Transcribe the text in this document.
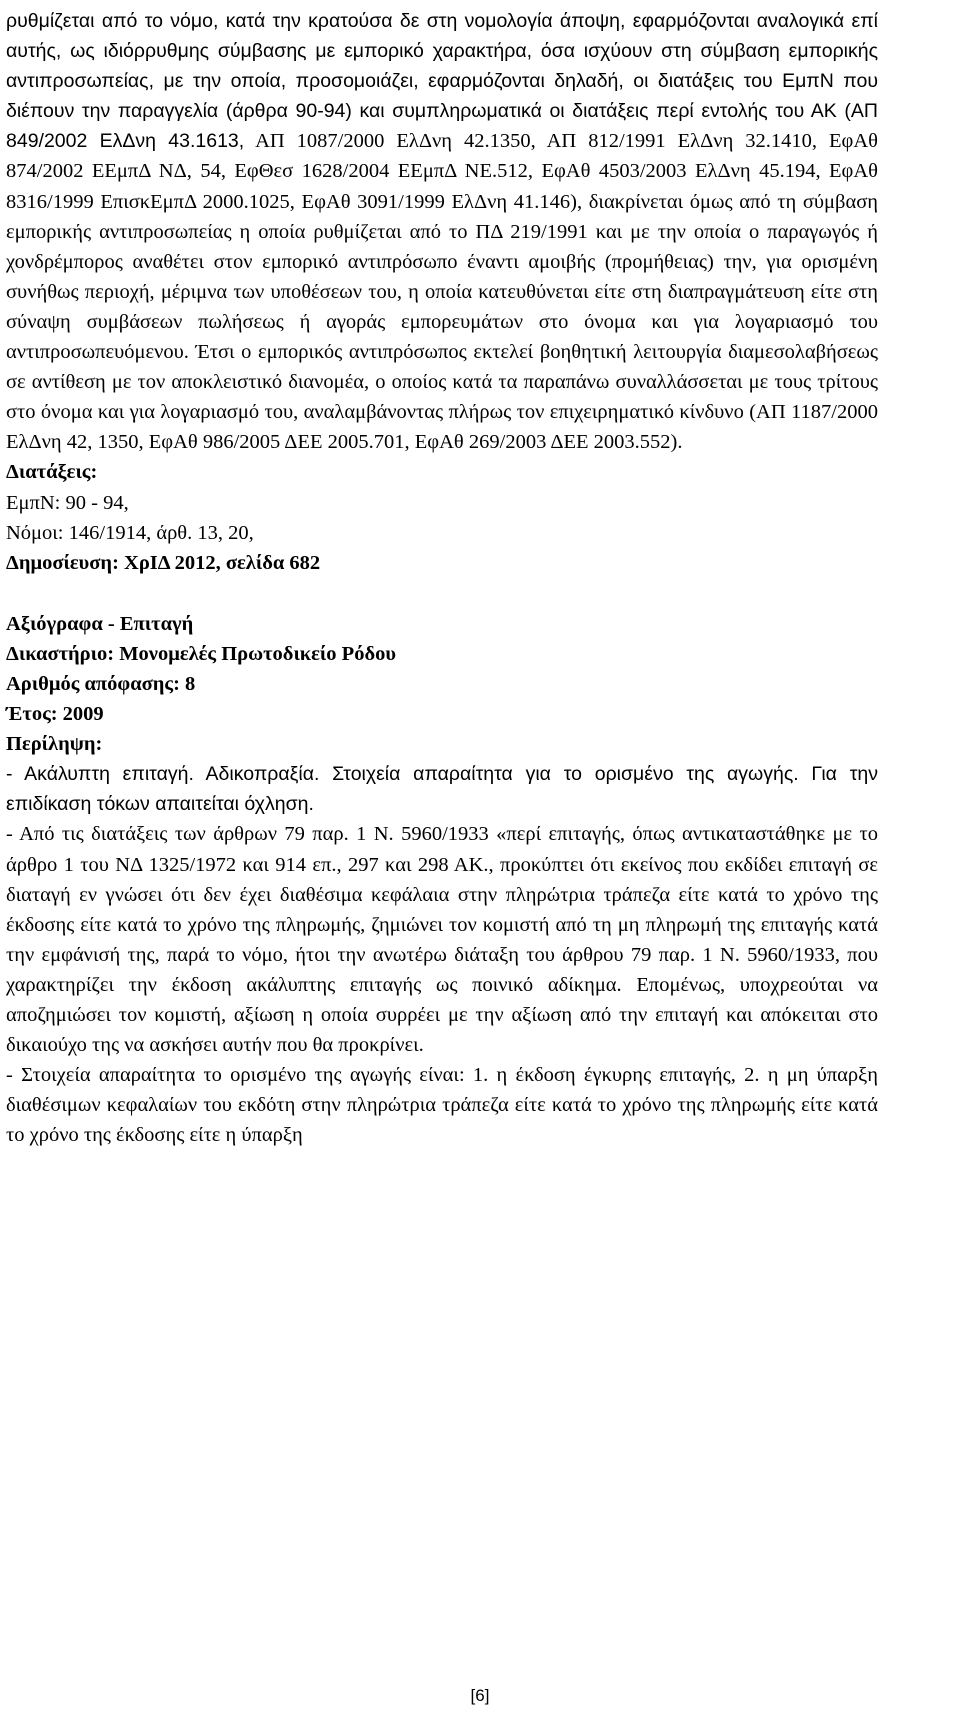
ρυθμίζεται από το νόμο, κατά την κρατούσα δε στη νομολογία άποψη, εφαρμόζονται αναλογικά επί αυτής, ως ιδιόρρυθμης σύμβασης με εμπορικό χαρακτήρα, όσα ισχύουν στη σύμβαση εμπορικής αντιπροσωπείας, με την οποία, προσομοιάζει, εφαρμόζονται δηλαδή, οι διατάξεις του ΕμπΝ που διέπουν την παραγγελία (άρθρα 90-94) και συμπληρωματικά οι διατάξεις περί εντολής του ΑΚ (ΑΠ 849/2002 ΕλΔνη 43.1613, ΑΠ 1087/2000 ΕλΔνη 42.1350, ΑΠ 812/1991 ΕλΔνη 32.1410, ΕφΑθ 874/2002 ΕΕμπΔ ΝΔ, 54, ΕφΘεσ 1628/2004 ΕΕμπΔ ΝΕ.512, ΕφΑθ 4503/2003 ΕλΔνη 45.194, ΕφΑθ 8316/1999 ΕπισκΕμπΔ 2000.1025, ΕφΑθ 3091/1999 ΕλΔνη 41.146), διακρίνεται όμως από τη σύμβαση εμπορικής αντιπροσωπείας η οποία ρυθμίζεται από το ΠΔ 219/1991 και με την οποία ο παραγωγός ή χονδρέμπορος αναθέτει στον εμπορικό αντιπρόσωπο έναντι αμοιβής (προμήθειας) την, για ορισμένη συνήθως περιοχή, μέριμνα των υποθέσεων του, η οποία κατευθύνεται είτε στη διαπραγμάτευση είτε στη σύναψη συμβάσεων πωλήσεως ή αγοράς εμπορευμάτων στο όνομα και για λογαριασμό του αντιπροσωπευόμενου. Έτσι ο εμπορικός αντιπρόσωπος εκτελεί βοηθητική λειτουργία διαμεσολαβήσεως σε αντίθεση με τον αποκλειστικό διανομέα, ο οποίος κατά τα παραπάνω συναλλάσσεται με τους τρίτους στο όνομα και για λογαριασμό του, αναλαμβάνοντας πλήρως τον επιχειρηματικό κίνδυνο (ΑΠ 1187/2000 ΕλΔνη 42, 1350, ΕφΑθ 986/2005 ΔΕΕ 2005.701, ΕφΑθ 269/2003 ΔΕΕ 2003.552).

Διατάξεις:

ΕμπΝ: 90 - 94,

Νόμοι: 146/1914, άρθ. 13, 20,

Δημοσίευση: ΧρΙΔ 2012, σελίδα 682

Αξιόγραφα - Επιταγή

Δικαστήριο: Μονομελές Πρωτοδικείο Ρόδου

Αριθμός απόφασης: 8

Έτος: 2009

Περίληψη:

- Ακάλυπτη επιταγή. Αδικοπραξία. Στοιχεία απαραίτητα για το ορισμένο της αγωγής. Για την επιδίκαση τόκων απαιτείται όχληση.

- Από τις διατάξεις των άρθρων 79 παρ. 1 Ν. 5960/1933 «περί επιταγής, όπως αντικαταστάθηκε με το άρθρο 1 του ΝΔ 1325/1972 και 914 επ., 297 και 298 ΑΚ., προκύπτει ότι εκείνος που εκδίδει επιταγή σε διαταγή εν γνώσει ότι δεν έχει διαθέσιμα κεφάλαια στην πληρώτρια τράπεζα είτε κατά το χρόνο της έκδοσης είτε κατά το χρόνο της πληρωμής, ζημιώνει τον κομιστή από τη μη πληρωμή της επιταγής κατά την εμφάνισή της, παρά το νόμο, ήτοι την ανωτέρω διάταξη του άρθρου 79 παρ. 1 Ν. 5960/1933, που χαρακτηρίζει την έκδοση ακάλυπτης επιταγής ως ποινικό αδίκημα. Επομένως, υποχρεούται να αποζημιώσει τον κομιστή, αξίωση η οποία συρρέει με την αξίωση από την επιταγή και απόκειται στο δικαιούχο της να ασκήσει αυτήν που θα προκρίνει.

- Στοιχεία απαραίτητα το ορισμένο της αγωγής είναι: 1. η έκδοση έγκυρης επιταγής, 2. η μη ύπαρξη διαθέσιμων κεφαλαίων του εκδότη στην πληρώτρια τράπεζα είτε κατά το χρόνο της πληρωμής είτε κατά το χρόνο της έκδοσης είτε η ύπαρξη

[6]
